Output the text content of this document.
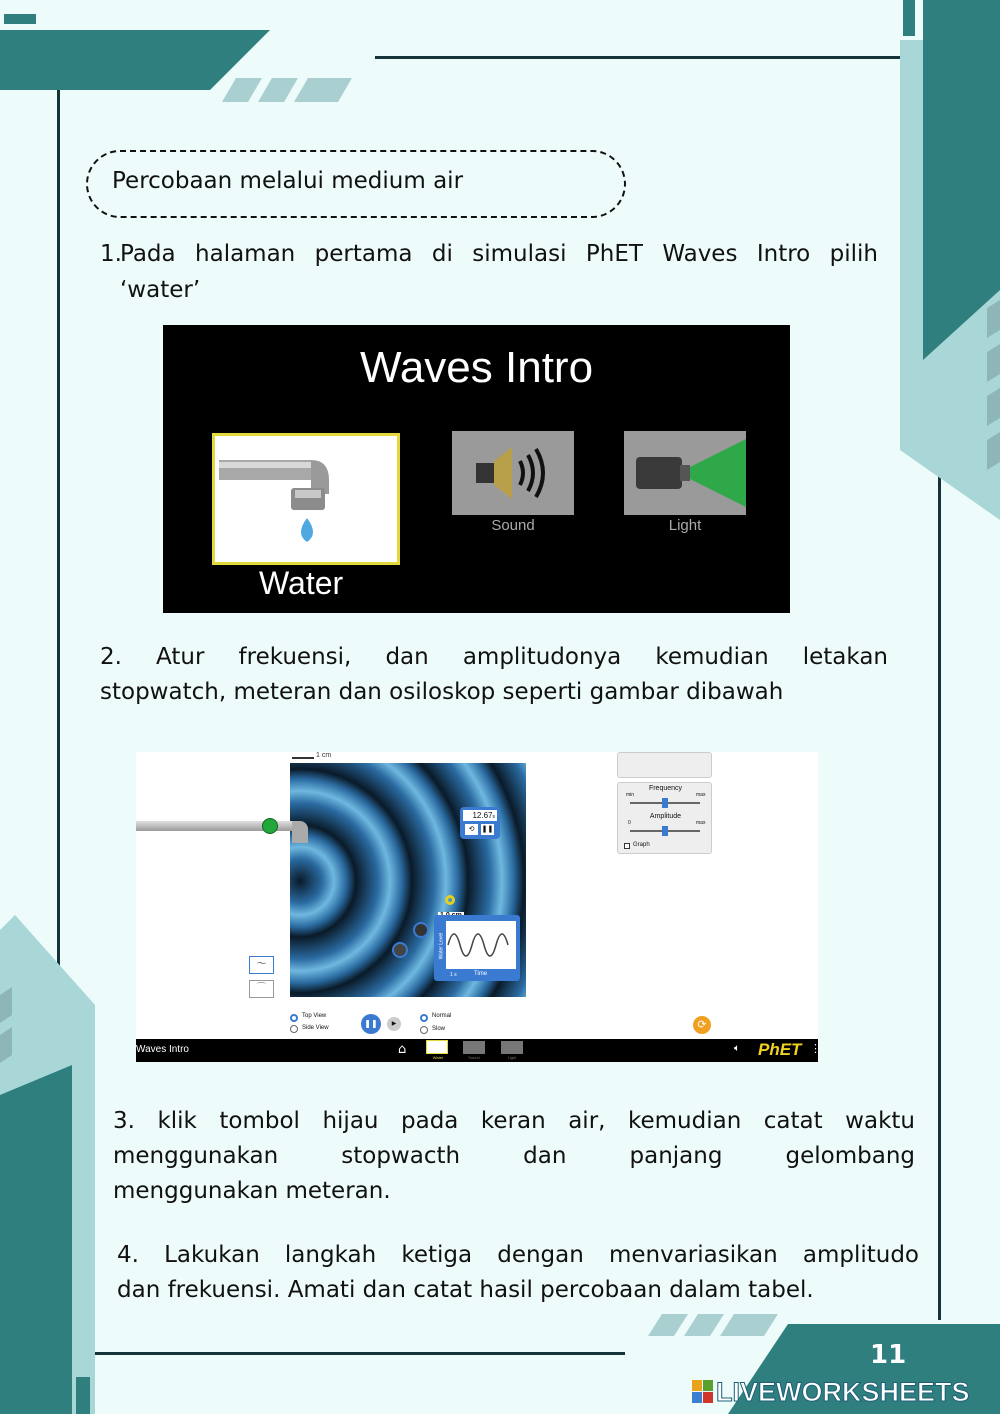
11
LIVEWORKSHEETS
Percobaan melalui medium air
1.
Pada halaman pertama di simulasi PhET Waves Intro pilih
‘water’
Waves Intro
Water
Sound	Light
2. Atur frekuensi, dan amplitudonya kemudian letakan
stopwatch, meteran dan osiloskop seperti gambar dibawah
1 cm
12.67s
⟲	❚❚
Water Level
Time
1 s
〜
⌒
Frequency
min	max
Amplitude
0	max
Graph
Top View
Side View	❚❚	▶
Normal
Slow	⟳
Waves Intro	⌂
Water	Sound	Light
🔈︎ PhET ⋮
3. klik tombol hijau pada keran air, kemudian catat waktu
menggunakan stopwacth dan panjang gelombang
menggunakan meteran.
4. Lakukan langkah ketiga dengan menvariasikan amplitudo
dan frekuensi. Amati dan catat hasil percobaan dalam tabel.
